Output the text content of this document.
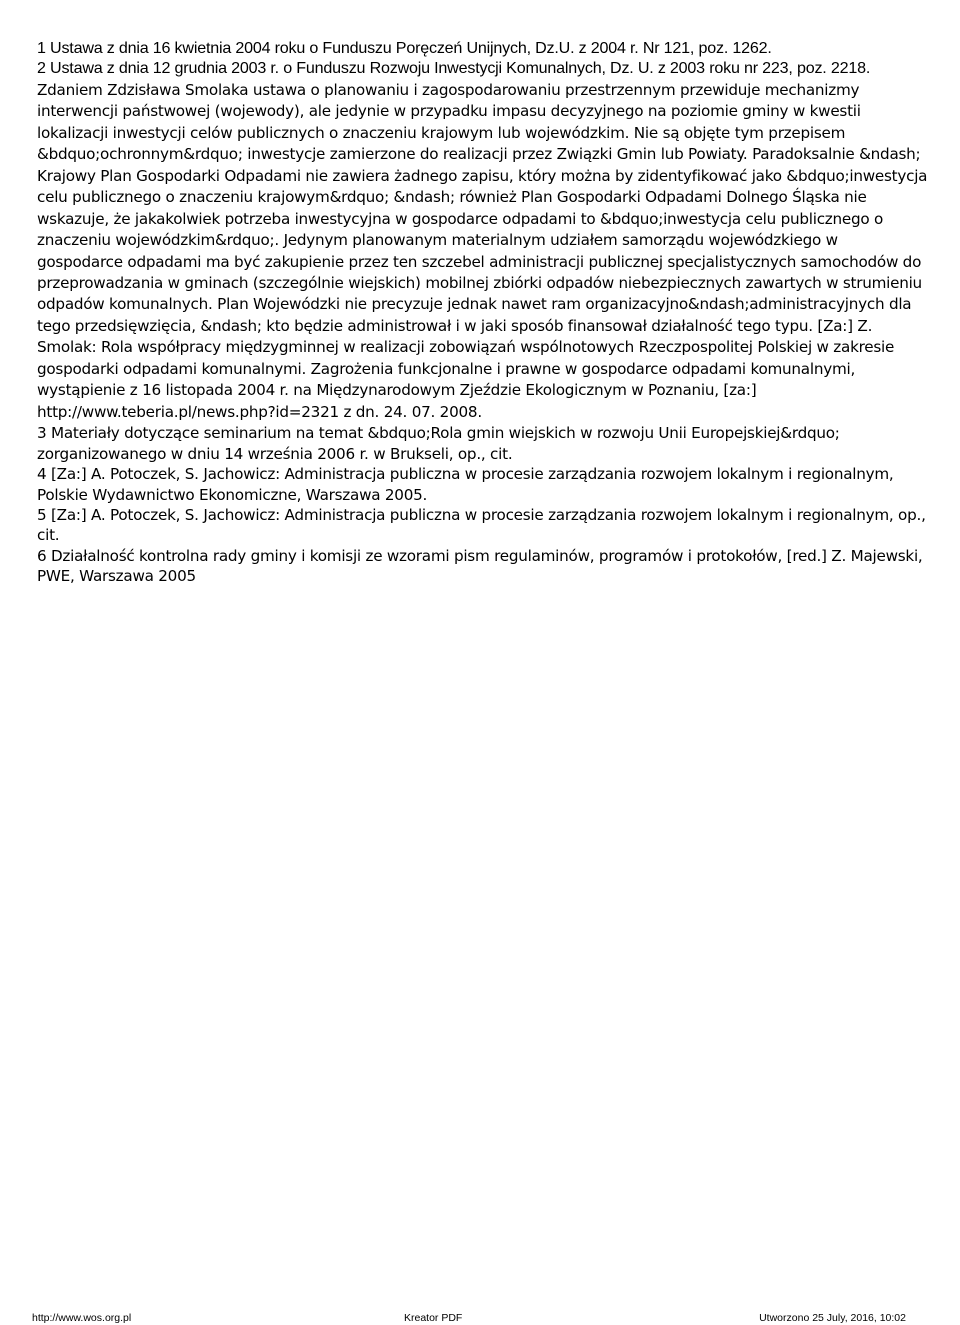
1 Ustawa z dnia 16 kwietnia 2004 roku o Funduszu Poręczeń Unijnych, Dz.U. z 2004 r. Nr 121, poz. 1262.

2 Ustawa z dnia 12 grudnia 2003 r. o Funduszu Rozwoju Inwestycji Komunalnych, Dz. U. z 2003 roku nr 223, poz. 2218. Zdaniem Zdzisława Smolaka ustawa o planowaniu i zagospodarowaniu przestrzennym przewiduje mechanizmy interwencji państwowej (wojewody), ale jedynie w przypadku impasu decyzyjnego na poziomie gminy w kwestii lokalizacji inwestycji celów publicznych o znaczeniu krajowym lub wojewódzkim. Nie są objęte tym przepisem &bdquo;ochronnym&rdquo; inwestycje zamierzone do realizacji przez Związki Gmin lub Powiaty. Paradoksalnie &ndash; Krajowy Plan Gospodarki Odpadami nie zawiera żadnego zapisu, który można by zidentyfikować jako &bdquo;inwestycja celu publicznego o znaczeniu krajowym&rdquo; &ndash; również Plan Gospodarki Odpadami Dolnego Śląska nie wskazuje, że jakakolwiek potrzeba inwestycyjna w gospodarce odpadami to &bdquo;inwestycja celu publicznego o znaczeniu wojewódzkim&rdquo;. Jedynym planowanym materialnym udziałem samorządu wojewódzkiego w gospodarce odpadami ma być zakupienie przez ten szczebel administracji publicznej specjalistycznych samochodów do przeprowadzania w gminach (szczególnie wiejskich) mobilnej zbiórki odpadów niebezpiecznych zawartych w strumieniu odpadów komunalnych. Plan Wojewódzki nie precyzuje jednak nawet ram organizacyjno&ndash;administracyjnych dla tego przedsięwzięcia, &ndash; kto będzie administrował i w jaki sposób finansował działalność tego typu. [Za:] Z. Smolak: Rola współpracy międzygminnej w realizacji zobowiązań wspólnotowych Rzeczpospolitej Polskiej w zakresie gospodarki odpadami komunalnymi. Zagrożenia funkcjonalne i prawne w gospodarce odpadami komunalnymi, wystąpienie z 16 listopada 2004 r. na Międzynarodowym Zjeździe Ekologicznym w Poznaniu, [za:] http://www.teberia.pl/news.php?id=2321 z dn. 24. 07. 2008.

3 Materiały dotyczące seminarium na temat &bdquo;Rola gmin wiejskich w rozwoju Unii Europejskiej&rdquo; zorganizowanego w dniu 14 września 2006 r. w Brukseli, op., cit.

4 [Za:] A. Potoczek, S. Jachowicz: Administracja publiczna w procesie zarządzania rozwojem lokalnym i regionalnym, Polskie Wydawnictwo Ekonomiczne, Warszawa 2005.

5 [Za:] A. Potoczek, S. Jachowicz: Administracja publiczna w procesie zarządzania rozwojem lokalnym i regionalnym, op., cit.

6 Działalność kontrolna rady gminy i komisji ze wzorami pism regulaminów, programów i protokołów, [red.] Z. Majewski, PWE, Warszawa 2005

http://www.wos.org.pl	Kreator PDF	Utworzono 25 July, 2016, 10:02
